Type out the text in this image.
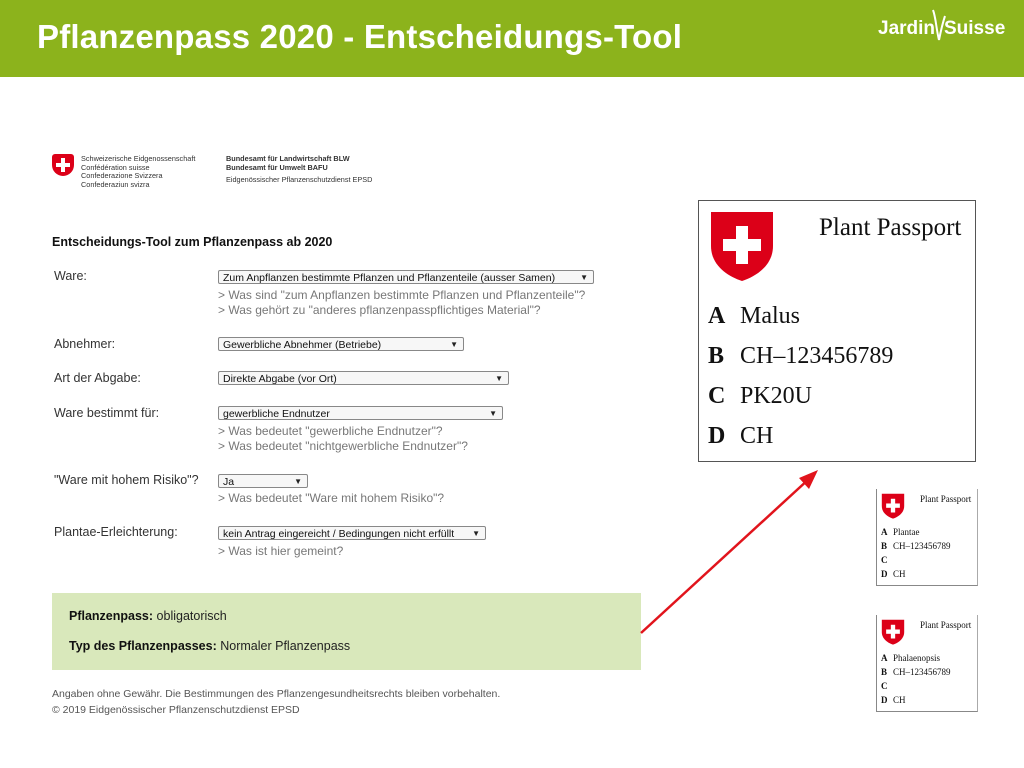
Pflanzenpass 2020 - Entscheidungs-Tool	Jardin Suisse
Schweizerische Eidgenossenschaft
Confédération suisse
Confederazione Svizzera
Confederaziun svizra
Bundesamt für Landwirtschaft BLW
Bundesamt für Umwelt BAFU
Eidgenössischer Pflanzenschutzdienst EPSD
Entscheidungs-Tool zum Pflanzenpass ab 2020
Ware:	Zum Anpflanzen bestimmte Pflanzen und Pflanzenteile (ausser Samen)	▼
> Was sind "zum Anpflanzen bestimmte Pflanzen und Pflanzenteile"?
> Was gehört zu "anderes pflanzenpasspflichtiges Material"?
Abnehmer:	Gewerbliche Abnehmer (Betriebe)	▼
Art der Abgabe:	Direkte Abgabe (vor Ort)	▼
Ware bestimmt für:	gewerbliche Endnutzer	▼
> Was bedeutet "gewerbliche Endnutzer"?
> Was bedeutet "nichtgewerbliche Endnutzer"?
"Ware mit hohem Risiko"?	Ja	▼
> Was bedeutet "Ware mit hohem Risiko"?
Plantae-Erleichterung:	kein Antrag eingereicht / Bedingungen nicht erfüllt ▼
> Was ist hier gemeint?
Pflanzenpass: obligatorisch
Typ des Pflanzenpasses: Normaler Pflanzenpass
Angaben ohne Gewähr. Die Bestimmungen des Pflanzengesundheitsrechts bleiben vorbehalten.
© 2019 Eidgenössischer Pflanzenschutzdienst EPSD
Plant Passport
A Malus
B CH–123456789
C PK20U
D CH
Plant Passport
A Plantae
B CH–123456789
C
D CH
Plant Passport
A Phalaenopsis
B CH–123456789
C
D CH
